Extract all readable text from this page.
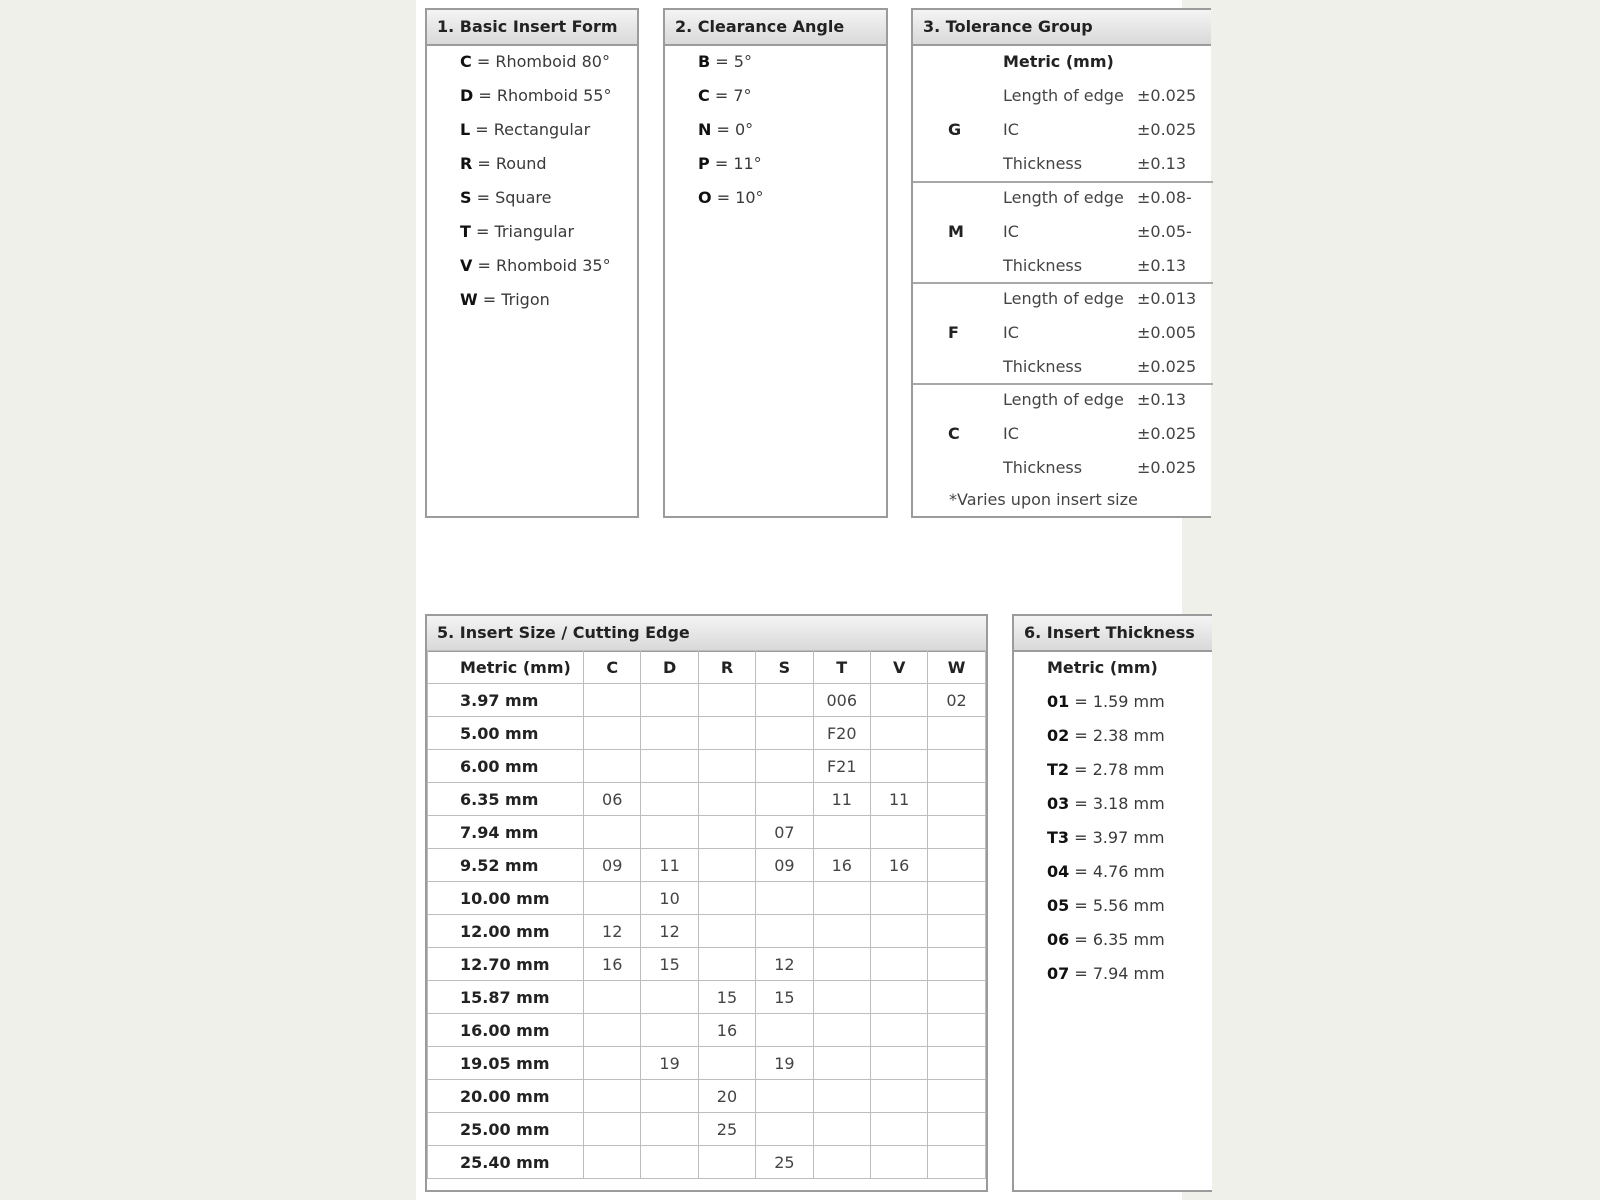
1. Basic Insert Form
C = Rhomboid 80°
D = Rhomboid 55°
L = Rectangular
R = Round
S = Square
T = Triangular
V = Rhomboid 35°
W = Trigon
2. Clearance Angle
B = 5°
C = 7°
N = 0°
P = 11°
O = 10°
3. Tolerance Group
Metric (mm)
G
Length of edge ±0.025
IC	±0.025
Thickness	±0.13
M
Length of edge ±0.08-
IC	±0.05-
Thickness	±0.13
F
Length of edge ±0.013
IC	±0.005
Thickness	±0.025
C
Length of edge ±0.13
IC	±0.025
Thickness	±0.025
*Varies upon insert size
5. Insert Size / Cutting Edge
Metric (mm)	C	D	R	S	T	V	W
3.97 mm					006		02
5.00 mm					F20		
6.00 mm					F21		
6.35 mm	06				11	11	
7.94 mm				07			
9.52 mm	09	11		09	16	16	
10.00 mm		10					
12.00 mm	12	12					
12.70 mm	16	15		12			
15.87 mm			15	15			
16.00 mm			16				
19.05 mm		19		19			
20.00 mm			20				
25.00 mm			25				
25.40 mm				25			
6. Insert Thickness
Metric (mm)
01 = 1.59 mm
02 = 2.38 mm
T2 = 2.78 mm
03 = 3.18 mm
T3 = 3.97 mm
04 = 4.76 mm
05 = 5.56 mm
06 = 6.35 mm
07 = 7.94 mm
